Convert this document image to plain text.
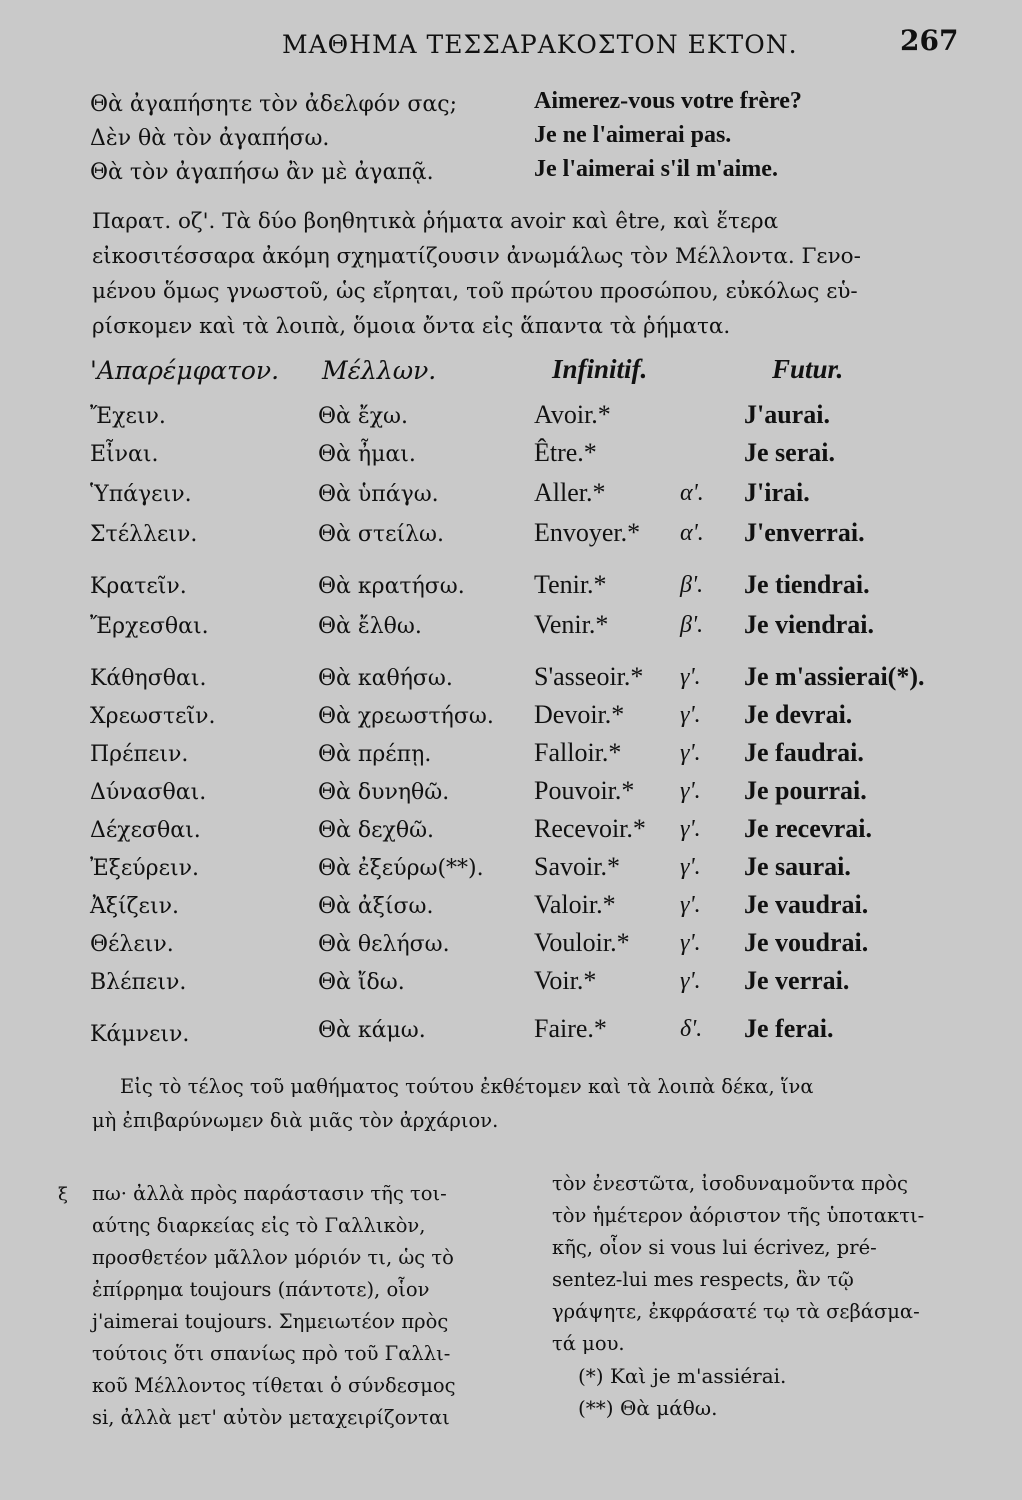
ΜΑΘΗΜΑ ΤΕΣΣΑΡΑΚΟΣΤΟΝ ΕΚΤΟΝ.	267
Θὰ ἀγαπήσητε τὸν ἀδελφόν σας;	Aimerez-vous votre frère?
Δὲν θὰ τὸν ἀγαπήσω.	Je ne l'aimerai pas.
Θὰ τὸν ἀγαπήσω ἂν μὲ ἀγαπᾷ.	Je l'aimerai s'il m'aime.
Παρατ. οζ'. Τὰ δύο βοηθητικὰ ῥήματα avoir καὶ être, καὶ ἕτερα
εἰκοσιτέσσαρα ἀκόμη σχηματίζουσιν ἀνωμάλως τὸν Μέλλοντα. Γενο-
μένου ὅμως γνωστοῦ, ὡς εἴρηται, τοῦ πρώτου προσώπου, εὐκόλως εὑ-
ρίσκομεν καὶ τὰ λοιπὰ, ὅμοια ὄντα εἰς ἅπαντα τὰ ῥήματα.
'Απαρέμφατον. Μέλλων.	Infinitif.	Futur.
Ἔχειν.	Θὰ ἔχω.	Avoir.*	J'aurai.
Εἶναι.	Θὰ ἦμαι.	Être.*	Je serai.
Ὑπάγειν.	Θὰ ὑπάγω.	Aller.*	α'. J'irai.
Στέλλειν.	Θὰ στείλω.	Envoyer.* α'. J'enverrai.
Κρατεῖν.	Θὰ κρατήσω.	Tenir.*	β'. Je tiendrai.
Ἔρχεσθαι.	Θὰ ἔλθω.	Venir.*	β'. Je viendrai.
Κάθησθαι.	Θὰ καθήσω.	S'asseoir.* γ'. Je m'assierai(*).
Χρεωστεῖν.	Θὰ χρεωστήσω. Devoir.* γ'. Je devrai.
Πρέπειν.	Θὰ πρέπῃ.	Falloir.* γ'. Je faudrai.
Δύνασθαι.	Θὰ δυνηθῶ.	Pouvoir.* γ'. Je pourrai.
Δέχεσθαι.	Θὰ δεχθῶ.	Recevoir.* γ'. Je recevrai.
Ἐξεύρειν.	Θὰ ἐξεύρω(**). Savoir.*	γ'. Je saurai.
Ἀξίζειν.	Θὰ ἀξίσω.	Valoir.*	γ'. Je vaudrai.
Θέλειν.	Θὰ θελήσω.	Vouloir.* γ'. Je voudrai.
Βλέπειν.	Θὰ ἴδω.	Voir.*	γ'. Je verrai.
Κάμνειν.	Θὰ κάμω.	Faire.*	δ'. Je ferai.
Εἰς τὸ τέλος τοῦ μαθήματος τούτου ἐκθέτομεν καὶ τὰ λοιπὰ δέκα, ἵνα
μὴ ἐπιβαρύνωμεν διὰ μιᾶς τὸν ἀρχάριον.
ξ πω· ἀλλὰ πρὸς παράστασιν τῆς τοι-
αύτης διαρκείας εἰς τὸ Γαλλικὸν,
προσθετέον μᾶλλον μόριόν τι, ὡς τὸ
ἐπίρρημα toujours (πάντοτε), οἷον
j'aimerai toujours. Σημειωτέον πρὸς
τούτοις ὅτι σπανίως πρὸ τοῦ Γαλλι-
κοῦ Μέλλοντος τίθεται ὁ σύνδεσμος
si, ἀλλὰ μετ' αὐτὸν μεταχειρίζονται
τὸν ἐνεστῶτα, ἰσοδυναμοῦντα πρὸς
τὸν ἡμέτερον ἀόριστον τῆς ὑποτακτι-
κῆς, οἷον si vous lui écrivez, pré-
sentez-lui mes respects, ἂν τῷ
γράψητε, ἐκφράσατέ τῳ τὰ σεβάσμα-
τά μου.
(*) Καὶ je m'assiérai.
(**) Θὰ μάθω.
